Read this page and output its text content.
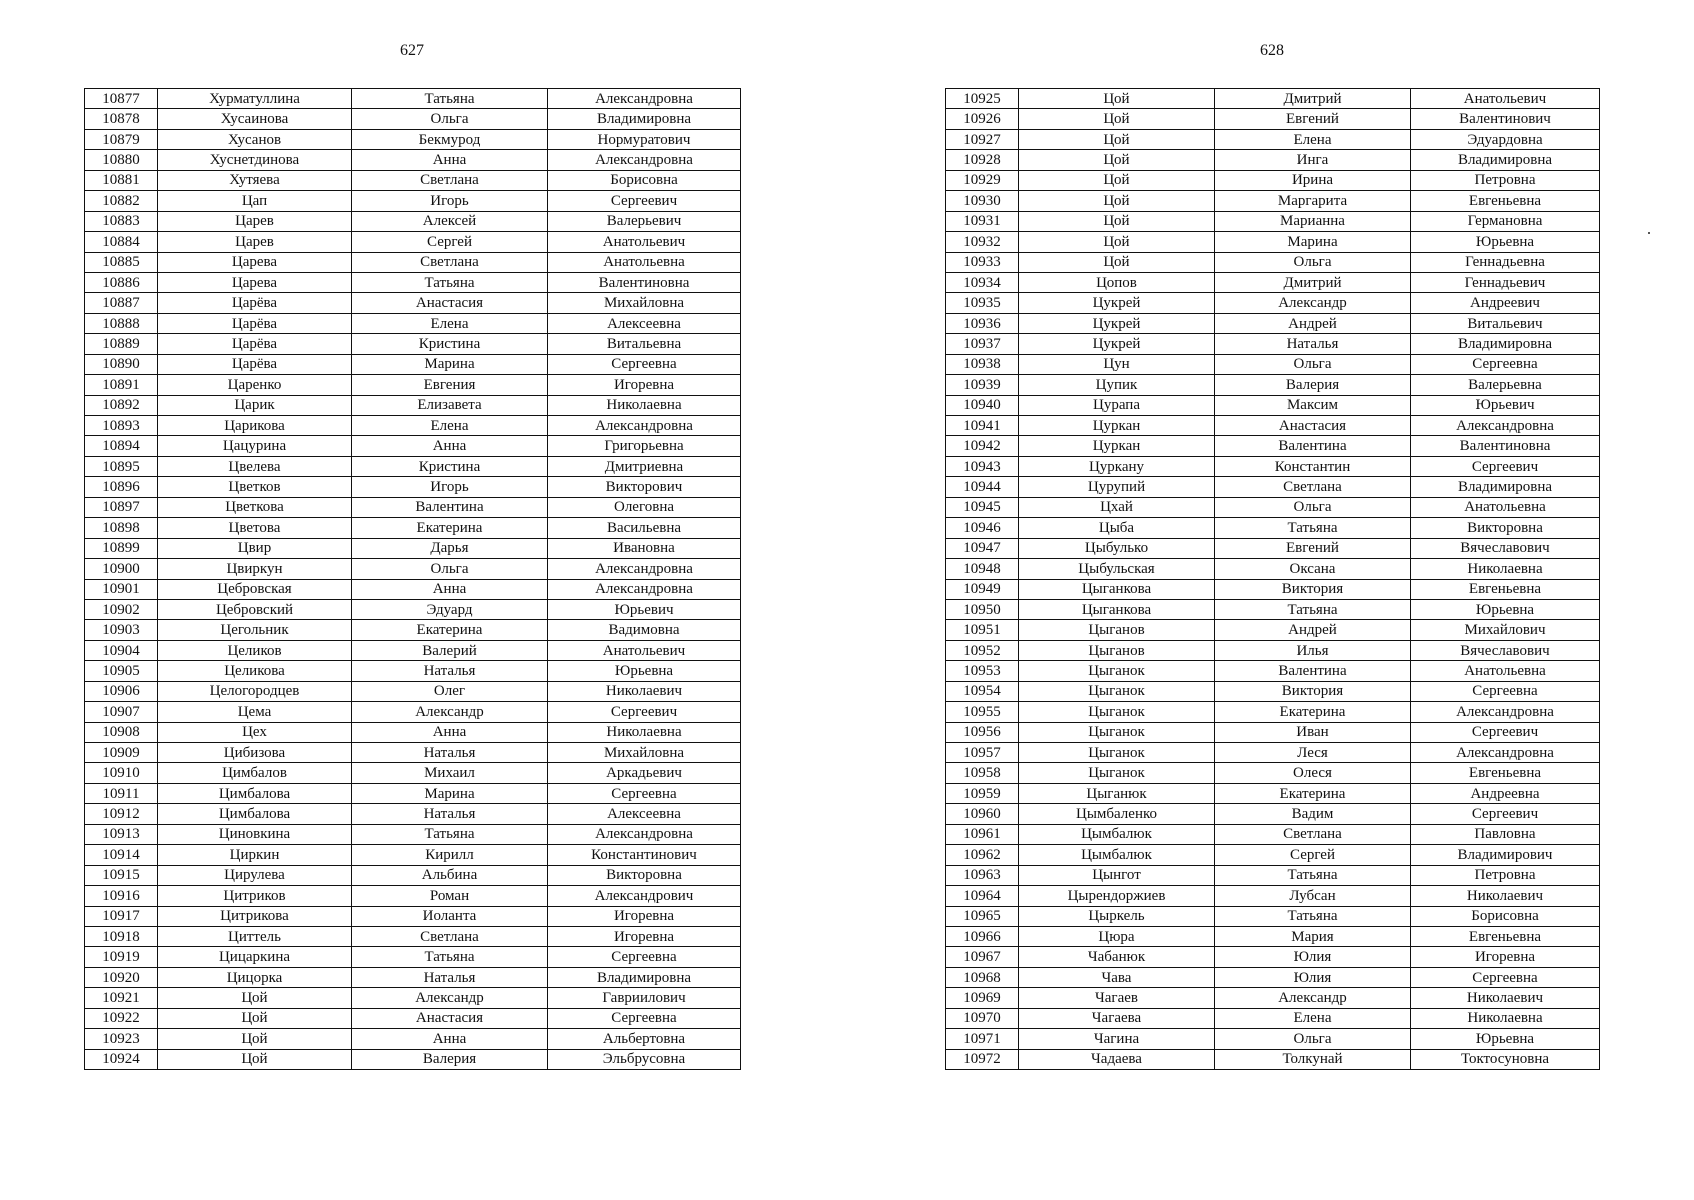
627
10877	Хурматуллина	Татьяна	Александровна
10878	Хусаинова	Ольга	Владимировна
10879	Хусанов	Бекмурод	Нормуратович
10880	Хуснетдинова	Анна	Александровна
10881	Хутяева	Светлана	Борисовна
10882	Цап	Игорь	Сергеевич
10883	Царев	Алексей	Валерьевич
10884	Царев	Сергей	Анатольевич
10885	Царева	Светлана	Анатольевна
10886	Царева	Татьяна	Валентиновна
10887	Царёва	Анастасия	Михайловна
10888	Царёва	Елена	Алексеевна
10889	Царёва	Кристина	Витальевна
10890	Царёва	Марина	Сергеевна
10891	Царенко	Евгения	Игоревна
10892	Царик	Елизавета	Николаевна
10893	Царикова	Елена	Александровна
10894	Цацурина	Анна	Григорьевна
10895	Цвелева	Кристина	Дмитриевна
10896	Цветков	Игорь	Викторович
10897	Цветкова	Валентина	Олеговна
10898	Цветова	Екатерина	Васильевна
10899	Цвир	Дарья	Ивановна
10900	Цвиркун	Ольга	Александровна
10901	Цебровская	Анна	Александровна
10902	Цебровский	Эдуард	Юрьевич
10903	Цегольник	Екатерина	Вадимовна
10904	Целиков	Валерий	Анатольевич
10905	Целикова	Наталья	Юрьевна
10906	Целогородцев	Олег	Николаевич
10907	Цема	Александр	Сергеевич
10908	Цех	Анна	Николаевна
10909	Цибизова	Наталья	Михайловна
10910	Цимбалов	Михаил	Аркадьевич
10911	Цимбалова	Марина	Сергеевна
10912	Цимбалова	Наталья	Алексеевна
10913	Циновкина	Татьяна	Александровна
10914	Циркин	Кирилл	Константинович
10915	Цирулева	Альбина	Викторовна
10916	Цитриков	Роман	Александрович
10917	Цитрикова	Иоланта	Игоревна
10918	Циттель	Светлана	Игоревна
10919	Цицаркина	Татьяна	Сергеевна
10920	Цицорка	Наталья	Владимировна
10921	Цой	Александр	Гавриилович
10922	Цой	Анастасия	Сергеевна
10923	Цой	Анна	Альбертовна
10924	Цой	Валерия	Эльбрусовна
628
10925	Цой	Дмитрий	Анатольевич
10926	Цой	Евгений	Валентинович
10927	Цой	Елена	Эдуардовна
10928	Цой	Инга	Владимировна
10929	Цой	Ирина	Петровна
10930	Цой	Маргарита	Евгеньевна
10931	Цой	Марианна	Германовна
10932	Цой	Марина	Юрьевна
10933	Цой	Ольга	Геннадьевна
10934	Цопов	Дмитрий	Геннадьевич
10935	Цукрей	Александр	Андреевич
10936	Цукрей	Андрей	Витальевич
10937	Цукрей	Наталья	Владимировна
10938	Цун	Ольга	Сергеевна
10939	Цупик	Валерия	Валерьевна
10940	Цурапа	Максим	Юрьевич
10941	Цуркан	Анастасия	Александровна
10942	Цуркан	Валентина	Валентиновна
10943	Цуркану	Константин	Сергеевич
10944	Цурупий	Светлана	Владимировна
10945	Цхай	Ольга	Анатольевна
10946	Цыба	Татьяна	Викторовна
10947	Цыбулько	Евгений	Вячеславович
10948	Цыбульская	Оксана	Николаевна
10949	Цыганкова	Виктория	Евгеньевна
10950	Цыганкова	Татьяна	Юрьевна
10951	Цыганов	Андрей	Михайлович
10952	Цыганов	Илья	Вячеславович
10953	Цыганок	Валентина	Анатольевна
10954	Цыганок	Виктория	Сергеевна
10955	Цыганок	Екатерина	Александровна
10956	Цыганок	Иван	Сергеевич
10957	Цыганок	Леся	Александровна
10958	Цыганок	Олеся	Евгеньевна
10959	Цыганюк	Екатерина	Андреевна
10960	Цымбаленко	Вадим	Сергеевич
10961	Цымбалюк	Светлана	Павловна
10962	Цымбалюк	Сергей	Владимирович
10963	Цынгот	Татьяна	Петровна
10964	Цырендоржиев	Лубсан	Николаевич
10965	Цыркель	Татьяна	Борисовна
10966	Цюра	Мария	Евгеньевна
10967	Чабанюк	Юлия	Игоревна
10968	Чава	Юлия	Сергеевна
10969	Чагаев	Александр	Николаевич
10970	Чагаева	Елена	Николаевна
10971	Чагина	Ольга	Юрьевна
10972	Чадаева	Толкунай	Токтосуновна
